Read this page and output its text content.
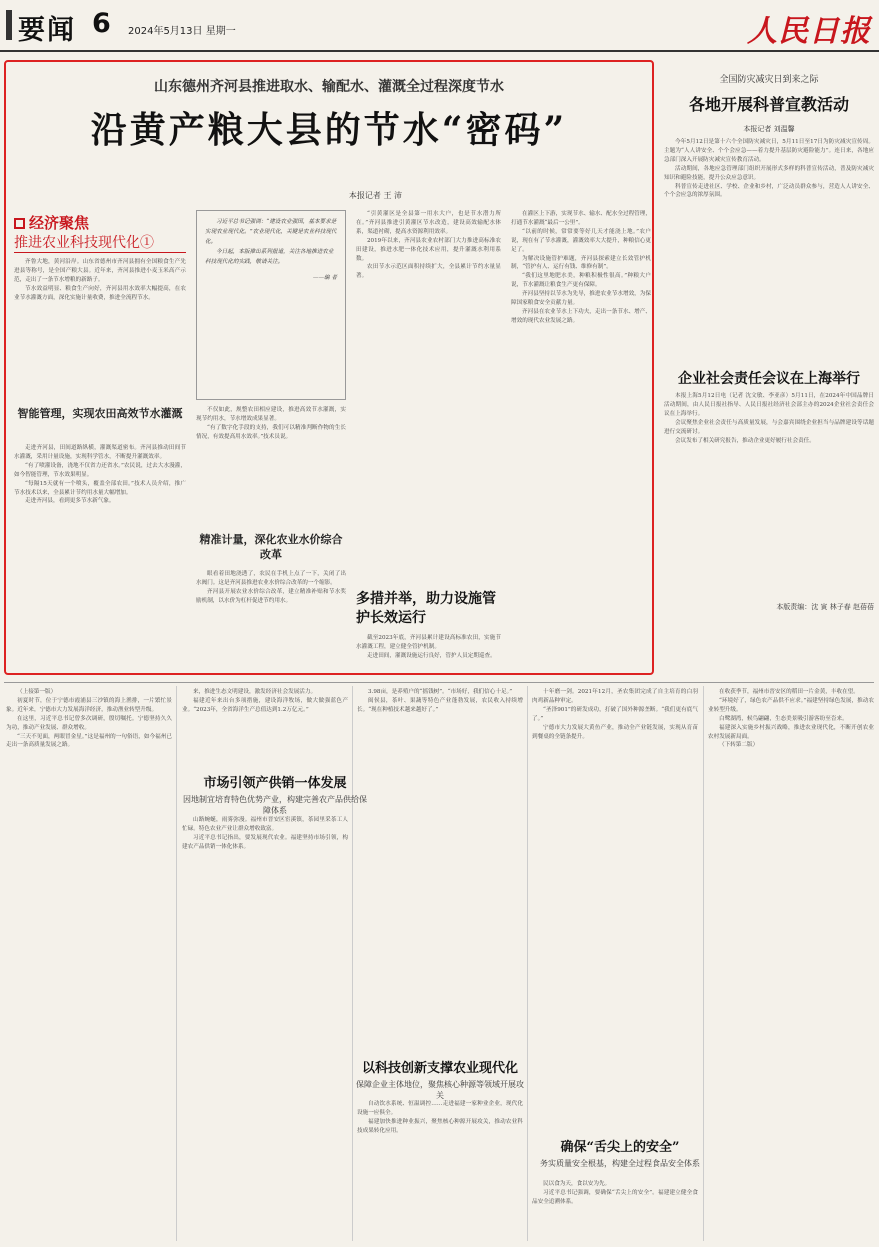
要闻 6 2024年5月13日 星期一	人民日报
山东德州齐河县推进取水、输配水、灌溉全过程深度节水
沿黄产粮大县的节水“密码”
本报记者 王 沛
经济聚焦
推进农业科技现代化①

齐鲁大地，黄河沿岸。山东省德州市齐河县拥有全国粮食生产先进县等称号，是全国产粮大县。近年来，齐河县推进小麦玉米高产示范，走出了一条节水增粮的新路子。

节水效益明显、粮食生产向好，齐河县用水效率大幅提高，在农业节水灌溉方面，深化实施计量收费，推进全流程节水。

智能管理，实现农田高效节水灌溉

走进齐河县，田间道路纵横，灌溉渠道密布。齐河县推动田间节水灌溉，采用计量设施，实现科学管水，不断提升灌溉效率。

“有了喷灌设备，浇地不仅省力还省水。”农民说，过去大水漫灌，如今智能管理，节水效果明显。

“每隔15天就有一个喷头，覆盖全部农田。”技术人员介绍，推广节水技术以来，全县累计节约用水量大幅增加。

走进齐河县，看到更多节水新气象。

习近平总书记强调：“建设农业强国，基本要求是实现农业现代化。”农业现代化，关键是农业科技现代化。

今日起，本版推出系列报道，关注各地推进农业科技现代化的实践，敬请关注。

——编 者

不仅如此，规整农田相应建设，推进高效节水灌溉，实现节约用水，节水增效成果显著。

“有了数字化手段的支持，我们可以精准判断作物的生长情况，有效提高用水效率。”技术员说。

精准计量，深化农业水价综合改革

眼看着田地浇透了，农民在手机上点了一下，关闭了出水阀门。这是齐河县推进农业水价综合改革的一个缩影。

齐河县开展农业水价综合改革，建立精准补贴和节水奖励机制，以水价为杠杆促进节约用水。

“引黄灌区是全县第一用水大户，也是节水潜力所在。”齐河县推进引黄灌区节水改造，建设高效输配水体系，渠道衬砌，提高水资源利用效率。

2019年以来，齐河县农业农村部门大力推进高标准农田建设，推进水肥一体化技术应用，提升灌溉水利用系数。

农田节水示范区面积持续扩大，全县累计节约水量显著。

多措并举，助力设施管护长效运行

截至2023年底，齐河县累计建设高标准农田，实施节水灌溉工程，建立健全管护机制。

走进田间，灌溉设施运行良好，管护人员定期巡查。

在灌区上下游，实现节水、输水、配水全过程管理，打通节水灌溉“最后一公里”。

“以前的时候，常常要等好几天才能浇上地。”农户说，现在有了节水灌溉，灌溉效率大大提升，种粮信心更足了。

为解决设施管护难题，齐河县探索建立长效管护机制，“管护有人、运行有钱、维修有制”。

“我们这里地肥水美，种粮积极性很高。”种粮大户说，节水灌溉让粮食生产更有保障。

齐河县坚持以节水为先导，推进农业节水增效，为保障国家粮食安全贡献力量。

齐河县在农业节水上下功夫，走出一条节水、增产、增效的现代农业发展之路。

全国防灾减灾日到来之际
各地开展科普宣教活动
本报记者 刘温馨

今年5月12日是第十六个全国防灾减灾日，5月11日至17日为防灾减灾宣传周。主题为“人人讲安全、个个会应急——着力提升基层防灾避险能力”。连日来，各地应急部门深入开展防灾减灾宣传教育活动。

活动期间，各地应急管理部门组织开展形式多样的科普宣传活动，普及防灾减灾知识和避险技能，提升公众应急意识。

科普宣传走进社区、学校、企业和乡村，广泛动员群众参与，营造人人讲安全、个个会应急的浓厚氛围。

企业社会责任会议在上海举行

本报上海5月12日电（记者 沈文敏、李亚彦）5月11日，在2024年中国品牌日活动期间，由人民日报社指导、人民日报社经济社会部主办的2024企业社会责任会议在上海举行。

会议聚焦企业社会责任与高质量发展，与会嘉宾围绕企业担当与品牌建设等话题进行交流研讨。

会议发布了相关研究报告，推动企业更好履行社会责任。

本版责编：沈 寅 林子春 赵蓓蓓

（上接第一版）

初夏时节，位于宁德市霞浦县三沙镇的海上渔排，一片繁忙景象。近年来，宁德市大力发展海洋经济，推动渔业转型升级。

在这里，习近平总书记曾多次调研，殷切嘱托。宁德坚持久久为功，推动产业发展、群众增收。

“三天不见面，两眼冒金星。”这是福州的一句俗语，如今福州已走出一条高质量发展之路。

来，推进生态文明建设，激发经济社会发展活力。

福建近年来出台多项措施，建设海洋牧场，做大做强蓝色产业。“2023年，全省海洋生产总值达到1.2万亿元。”

市场引领产供销一体发展
因地制宜培育特色优势产业，构建完善农产品供给保障体系

山路蜿蜒，雨雾弥漫。福州市晋安区宦溪镇，茶园里采茶工人忙碌。特色农业产业让群众增收致富。

习近平总书记指出，要发展现代农业。福建坚持市场引领，构建农产品供销一体化体系。

3.98亩，是养殖户的“摇钱树”。“市场好，我们信心十足。”

闽侯县，茶叶、果蔬等特色产业蓬勃发展，农民收入持续增长。“现在种植技术越来越好了。”

以科技创新支撑农业现代化
保障企业主体地位，聚焦核心种源等领域开展攻关

自动饮水系统、恒温调控……走进福建一家种业企业，现代化设施一应俱全。

福建加快推进种业振兴，聚焦核心种源开展攻关，推动农业科技成果转化应用。

十年磨一剑。2021年12月，圣农集团完成了自主培育的白羽肉鸡新品种审定。

“圣泽901”的研发成功，打破了国外种源垄断。“我们更有底气了。”

宁德市大力发展大黄鱼产业，推动全产业链发展，实现从育苗到餐桌的全链条提升。

确保“舌尖上的安全”
务实质量安全根基，构建全过程食品安全体系

民以食为天，食以安为先。

习近平总书记强调，要确保“舌尖上的安全”。福建建立健全食品安全追溯体系。

在收获季节，福州市晋安区的稻田一片金黄，丰收在望。

“环境好了，绿色农产品供不应求。”福建坚持绿色发展，推动农业转型升级。

白鹭湖湾，候鸟翩翩，生态美景吸引游客纷至沓来。

福建深入实施乡村振兴战略，推进农业现代化，不断开创农业农村发展新局面。

（下转第二版）
